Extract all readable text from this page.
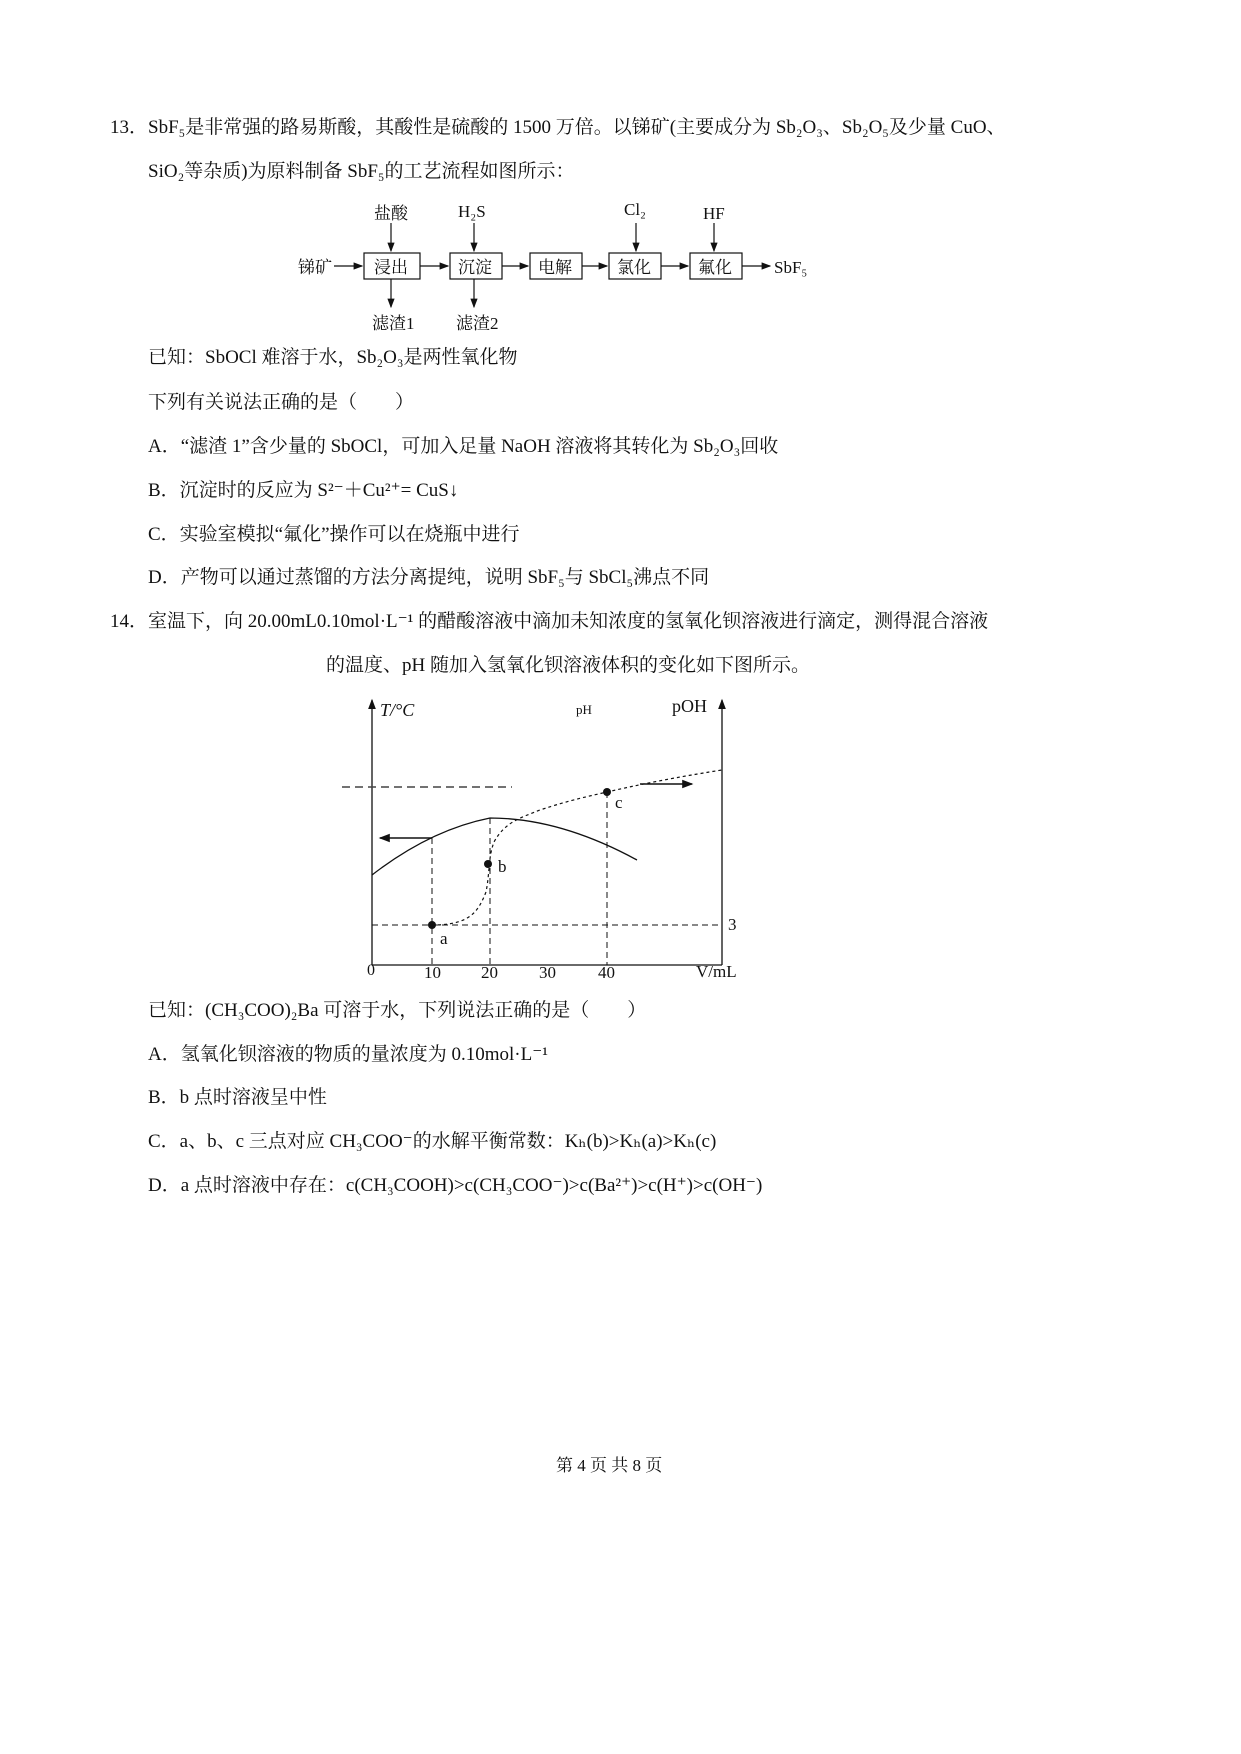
13．SbF₅是非常强的路易斯酸，其酸性是硫酸的 1500 万倍。以锑矿(主要成分为 Sb₂O₃、Sb₂O₅及少量 CuO、
SiO₂等杂质)为原料制备 SbF₅的工艺流程如图所示：
锑矿 浸出	沉淀	电解	氯化	氟化 SbF₅
盐酸	H₂S	Cl₂	HF
滤渣1 滤渣2
已知：SbOCl 难溶于水，Sb₂O₃是两性氧化物
下列有关说法正确的是（　　）
A．“滤渣 1”含少量的 SbOCl，可加入足量 NaOH 溶液将其转化为 Sb₂O₃回收
B．沉淀时的反应为 S²⁻＋Cu²⁺= CuS↓
C．实验室模拟“氟化”操作可以在烧瓶中进行
D．产物可以通过蒸馏的方法分离提纯，说明 SbF₅与 SbCl₅沸点不同
14．室温下，向 20.00mL0.10mol·L⁻¹ 的醋酸溶液中滴加未知浓度的氢氧化钡溶液进行滴定，测得混合溶液
的温度、pH 随加入氢氧化钡溶液体积的变化如下图所示。
T/°C	pH	pOH
V/mL
0	10 20 30 40
3
a
b
c
已知：(CH₃COO)₂Ba 可溶于水，下列说法正确的是（　　）
A．氢氧化钡溶液的物质的量浓度为 0.10mol·L⁻¹
B．b 点时溶液呈中性
C．a、b、c 三点对应 CH₃COO⁻的水解平衡常数：Kₕ(b)>Kₕ(a)>Kₕ(c)
D．a 点时溶液中存在：c(CH₃COOH)>c(CH₃COO⁻)>c(Ba²⁺)>c(H⁺)>c(OH⁻)
第 4 页 共 8 页
